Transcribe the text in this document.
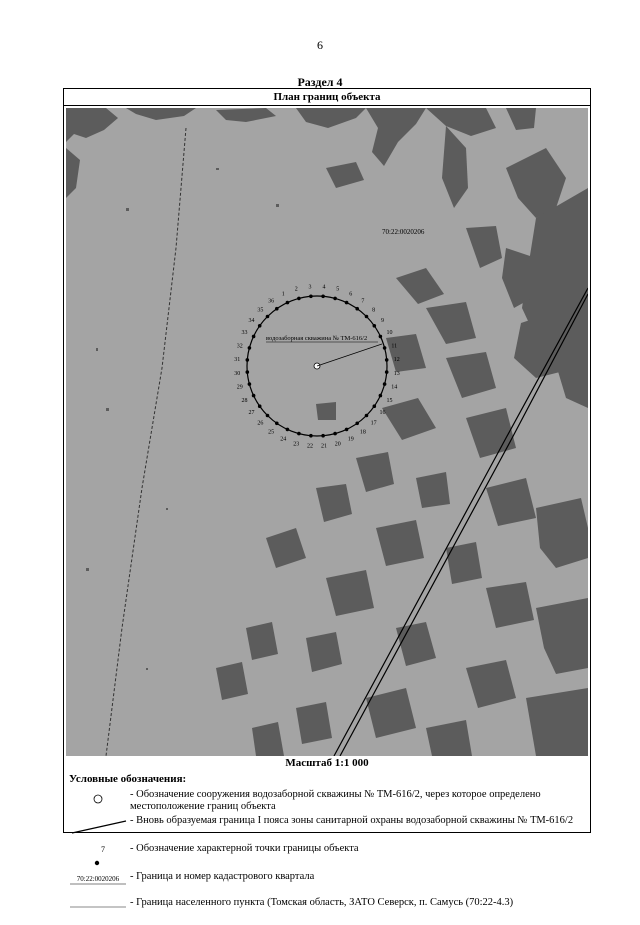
6
Раздел 4
План границ объекта
70:22:0020206
водозаборная скважина № ТМ-616/2
1
2 3 4 5
6
7
8
9
10
11
12
13
14
15
16
17
18
19
20
21
22
23
24
25
26
27
28
29
30
31
32
33
34
35
36
Масштаб 1:1 000
Условные обозначения:
- Обозначение сооружения водозаборной скважины № ТМ-616/2, через которое определено местоположение границ объекта
- Вновь образуемая граница I пояса зоны санитарной охраны водозаборной скважины № ТМ-616/2
7 - Обозначение характерной точки границы объекта
70:22:0020206 - Граница и номер кадастрового квартала
- Граница населенного пункта (Томская область, ЗАТО Северск, п. Самусь (70:22-4.3)
